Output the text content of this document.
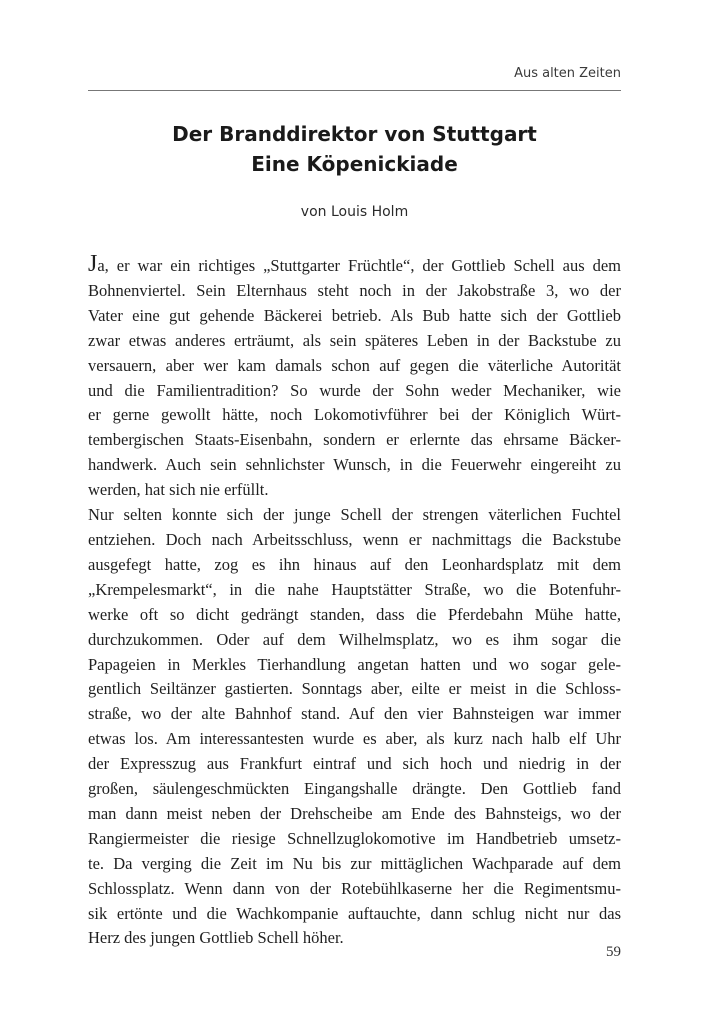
Aus alten Zeiten
Der Branddirektor von Stuttgart
Eine Köpenickiade
von Louis Holm
Ja, er war ein richtiges „Stuttgarter Früchtle“, der Gottlieb Schell aus dem
Bohnenviertel. Sein Elternhaus steht noch in der Jakobstraße 3, wo der
Vater eine gut gehende Bäckerei betrieb. Als Bub hatte sich der Gottlieb
zwar etwas anderes erträumt, als sein späteres Leben in der Backstube zu
versauern, aber wer kam damals schon auf gegen die väterliche Autorität
und die Familientradition? So wurde der Sohn weder Mechaniker, wie
er gerne gewollt hätte, noch Lokomotivführer bei der Königlich Würt-
tembergischen Staats-Eisenbahn, sondern er erlernte das ehrsame Bäcker-
handwerk. Auch sein sehnlichster Wunsch, in die Feuerwehr eingereiht zu
werden, hat sich nie erfüllt.
Nur selten konnte sich der junge Schell der strengen väterlichen Fuchtel
entziehen. Doch nach Arbeitsschluss, wenn er nachmittags die Backstube
ausgefegt hatte, zog es ihn hinaus auf den Leonhardsplatz mit dem
„Krempelesmarkt“, in die nahe Hauptstätter Straße, wo die Botenfuhr-
werke oft so dicht gedrängt standen, dass die Pferdebahn Mühe hatte,
durchzukommen. Oder auf dem Wilhelmsplatz, wo es ihm sogar die
Papageien in Merkles Tierhandlung angetan hatten und wo sogar gele-
gentlich Seiltänzer gastierten. Sonntags aber, eilte er meist in die Schloss-
straße, wo der alte Bahnhof stand. Auf den vier Bahnsteigen war immer
etwas los. Am interessantesten wurde es aber, als kurz nach halb elf Uhr
der Expresszug aus Frankfurt eintraf und sich hoch und niedrig in der
großen, säulengeschmückten Eingangshalle drängte. Den Gottlieb fand
man dann meist neben der Drehscheibe am Ende des Bahnsteigs, wo der
Rangiermeister die riesige Schnellzuglokomotive im Handbetrieb umsetz-
te. Da verging die Zeit im Nu bis zur mittäglichen Wachparade auf dem
Schlossplatz. Wenn dann von der Rotebühlkaserne her die Regimentsmu-
sik ertönte und die Wachkompanie auftauchte, dann schlug nicht nur das
Herz des jungen Gottlieb Schell höher.
59
